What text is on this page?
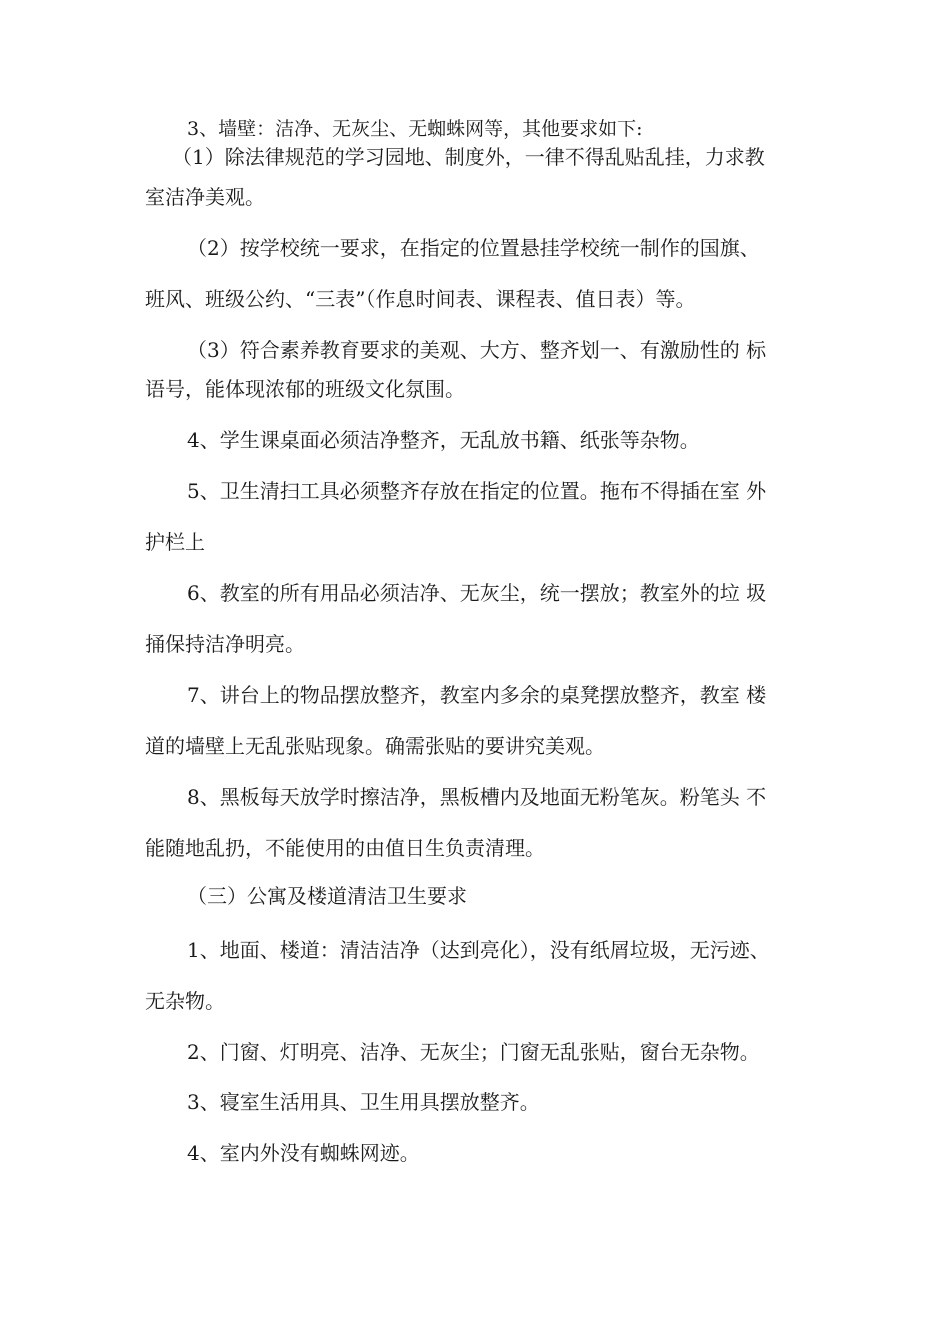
3、墙壁：洁净、无灰尘、无蜘蛛网等，其他要求如下:
（1）除法律规范的学习园地、制度外，一律不得乱贴乱挂，力求教
室洁净美观。
（2）按学校统一要求，在指定的位置悬挂学校统一制作的国旗、
班风、班级公约、“三表”（作息时间表、课程表、值日表）等。
（3）符合素养教育要求的美观、大方、整齐划一、有激励性的 标
语号，能体现浓郁的班级文化氛围。
4、学生课桌面必须洁净整齐，无乱放书籍、纸张等杂物。
5、卫生清扫工具必须整齐存放在指定的位置。拖布不得插在室 外
护栏上
6、教室的所有用品必须洁净、无灰尘，统一摆放；教室外的垃 圾
捅保持洁净明亮。
7、讲台上的物品摆放整齐，教室内多余的桌凳摆放整齐，教室 楼
道的墙壁上无乱张贴现象。确需张贴的要讲究美观。
8、黑板每天放学时擦洁净，黑板槽内及地面无粉笔灰。粉笔头 不
能随地乱扔，不能使用的由值日生负责清理。
（三）公寓及楼道清洁卫生要求
1、地面、楼道：清洁洁净（达到亮化），没有纸屑垃圾，无污迹、
无杂物。
2、门窗、灯明亮、洁净、无灰尘；门窗无乱张贴，窗台无杂物。
3、寝室生活用具、卫生用具摆放整齐。
4、室内外没有蜘蛛网迹。
